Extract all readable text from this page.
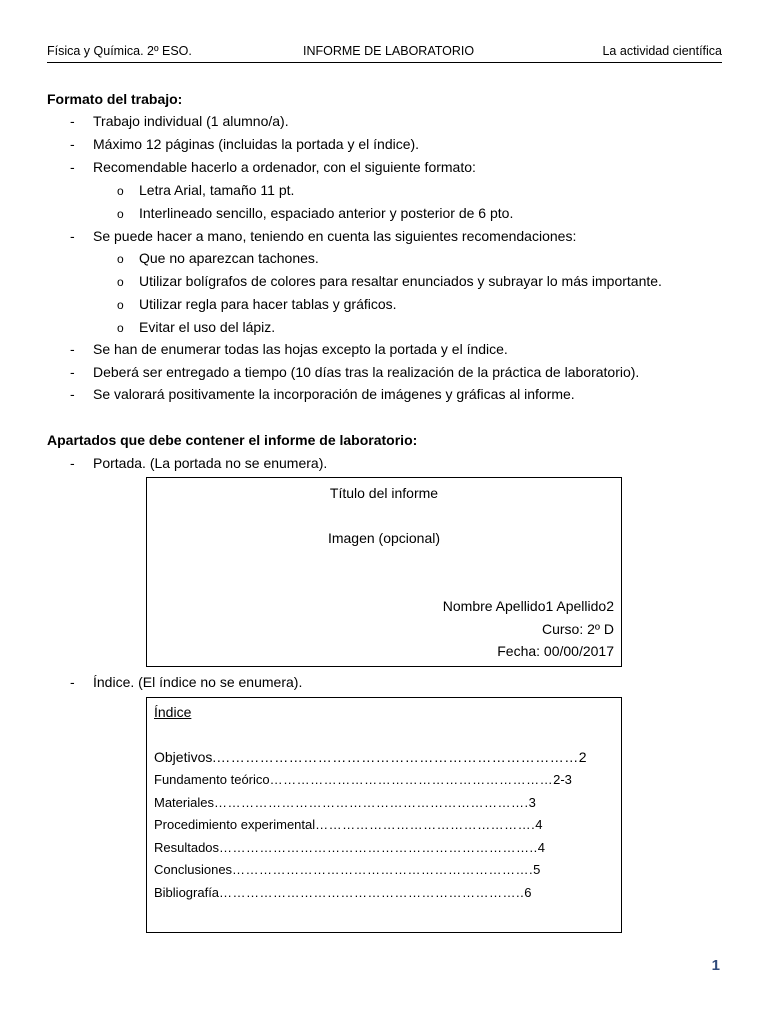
Física y Química. 2º ESO.	INFORME DE LABORATORIO	La actividad científica
Formato del trabajo:
- Trabajo individual (1 alumno/a).
- Máximo 12 páginas (incluidas la portada y el índice).
- Recomendable hacerlo a ordenador, con el siguiente formato:
o Letra Arial, tamaño 11 pt.
o Interlineado sencillo, espaciado anterior y posterior de 6 pto.
- Se puede hacer a mano, teniendo en cuenta las siguientes recomendaciones:
o Que no aparezcan tachones.
o Utilizar bolígrafos de colores para resaltar enunciados y subrayar lo más importante.
o Utilizar regla para hacer tablas y gráficos.
o Evitar el uso del lápiz.
- Se han de enumerar todas las hojas excepto la portada y el índice.
- Deberá ser entregado a tiempo (10 días tras la realización de la práctica de laboratorio).
- Se valorará positivamente la incorporación de imágenes y gráficas al informe.
Apartados que debe contener el informe de laboratorio:
- Portada. (La portada no se enumera).
Título del informe
Imagen (opcional)
Nombre Apellido1 Apellido2
Curso: 2º D
Fecha: 00/00/2017
- Índice. (El índice no se enumera).
Índice
Objetivos.…………………………………………………………………2
Fundamento teórico………………………………………………………2-3
Materiales…………………………………………………………….3
Procedimiento experimental………………………………………….4
Resultados……………………………………………………………..4
Conclusiones………………………………………………………….5
Bibliografía…………………………………………………………..6
1
